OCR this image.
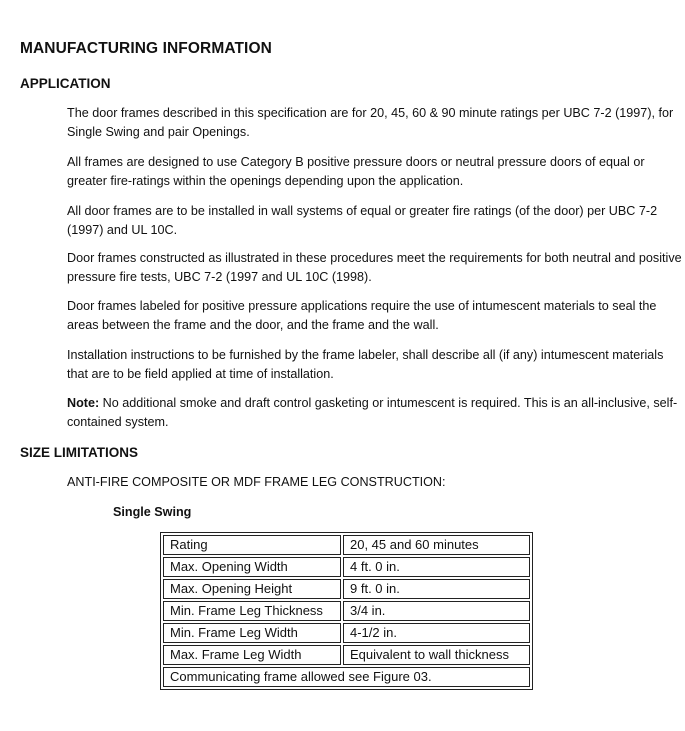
MANUFACTURING INFORMATION
APPLICATION

The door frames described in this specification are for 20, 45, 60 & 90 minute ratings per UBC 7-2 (1997), for Single Swing and pair Openings.

All frames are designed to use Category B positive pressure doors or neutral pressure doors of equal or greater fire-ratings within the openings depending upon the application.

All door frames are to be installed in wall systems of equal or greater fire ratings (of the door) per UBC 7-2 (1997) and UL 10C.

Door frames constructed as illustrated in these procedures meet the requirements for both neutral and positive pressure fire tests, UBC 7-2 (1997 and UL 10C (1998).

Door frames labeled for positive pressure applications require the use of intumescent materials to seal the areas between the frame and the door, and the frame and the wall.

Installation instructions to be furnished by the frame labeler, shall describe all (if any) intumescent materials that are to be field applied at time of installation.

Note: No additional smoke and draft control gasketing or intumescent is required. This is an all-inclusive, self-contained system.

SIZE LIMITATIONS
ANTI-FIRE COMPOSITE OR MDF FRAME LEG CONSTRUCTION:
Single Swing
Rating	20, 45 and 60 minutes
Max. Opening Width	4 ft. 0 in.
Max. Opening Height	9 ft. 0 in.
Min. Frame Leg Thickness	3/4 in.
Min. Frame Leg Width	4-1/2 in.
Max. Frame Leg Width	Equivalent to wall thickness
Communicating frame allowed see Figure 03.	
